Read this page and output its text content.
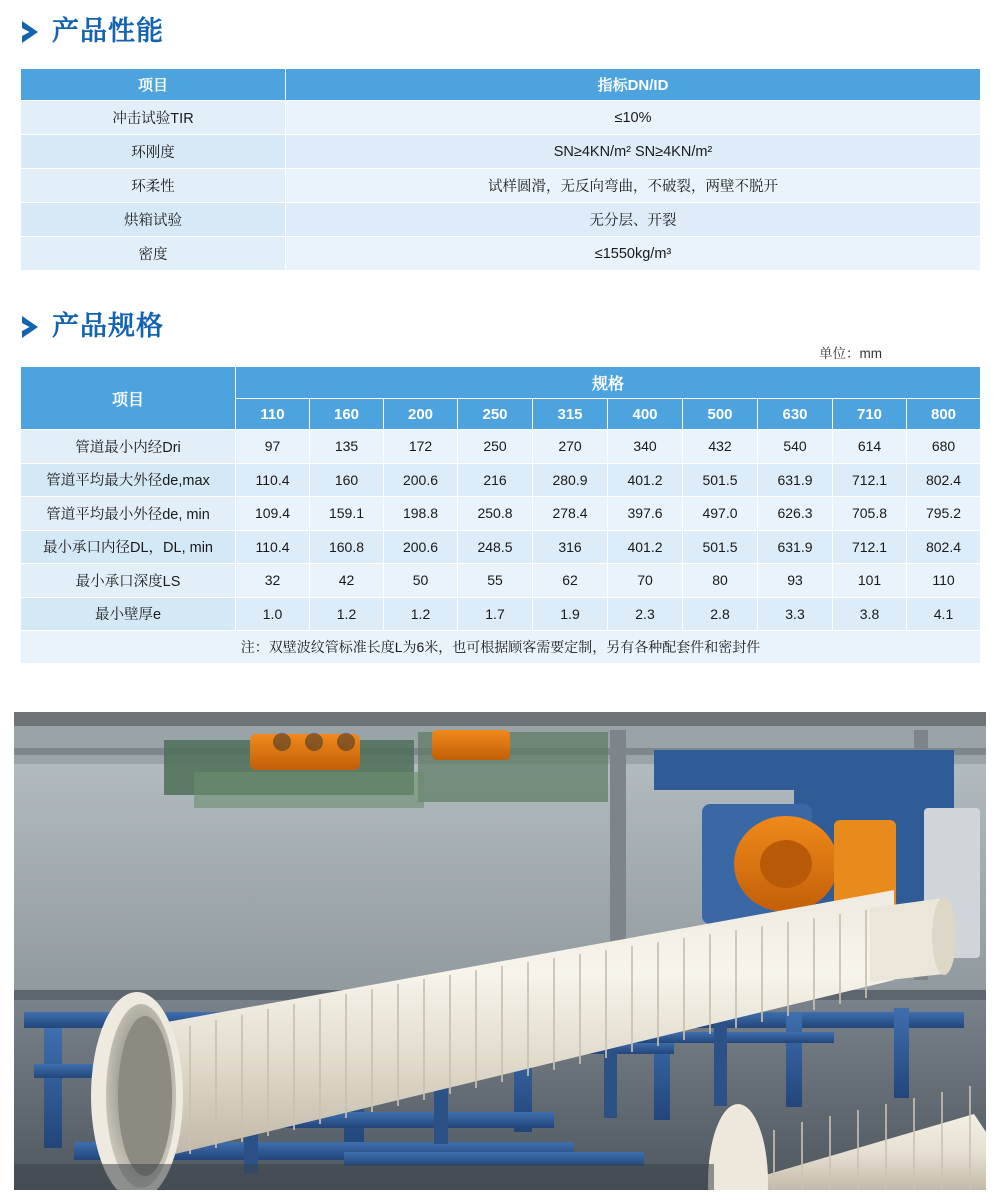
产品性能
项目	指标DN/ID
冲击试验TIR	≤10%
环刚度	SN≥4KN/m² SN≥4KN/m²
环柔性	试样圆滑，无反向弯曲，不破裂，两壁不脱开
烘箱试验	无分层、开裂
密度	≤1550kg/m³
产品规格
单位：mm
项目	规格									
	110	160	200	250	315	400	500	630	710	800
管道最小内经Dri	97	135	172	250	270	340	432	540	614	680
管道平均最大外径de,max	110.4	160	200.6	216	280.9	401.2	501.5	631.9	712.1	802.4
管道平均最小外径de, min	109.4	159.1	198.8	250.8	278.4	397.6	497.0	626.3	705.8	795.2
最小承口内径DL，DL, min	110.4	160.8	200.6	248.5	316	401.2	501.5	631.9	712.1	802.4
最小承口深度LS	32	42	50	55	62	70	80	93	101	110
最小壁厚e	1.0	1.2	1.2	1.7	1.9	2.3	2.8	3.3	3.8	4.1
注：双壁波纹管标准长度L为6米，也可根据顾客需要定制，另有各种配套件和密封件										
